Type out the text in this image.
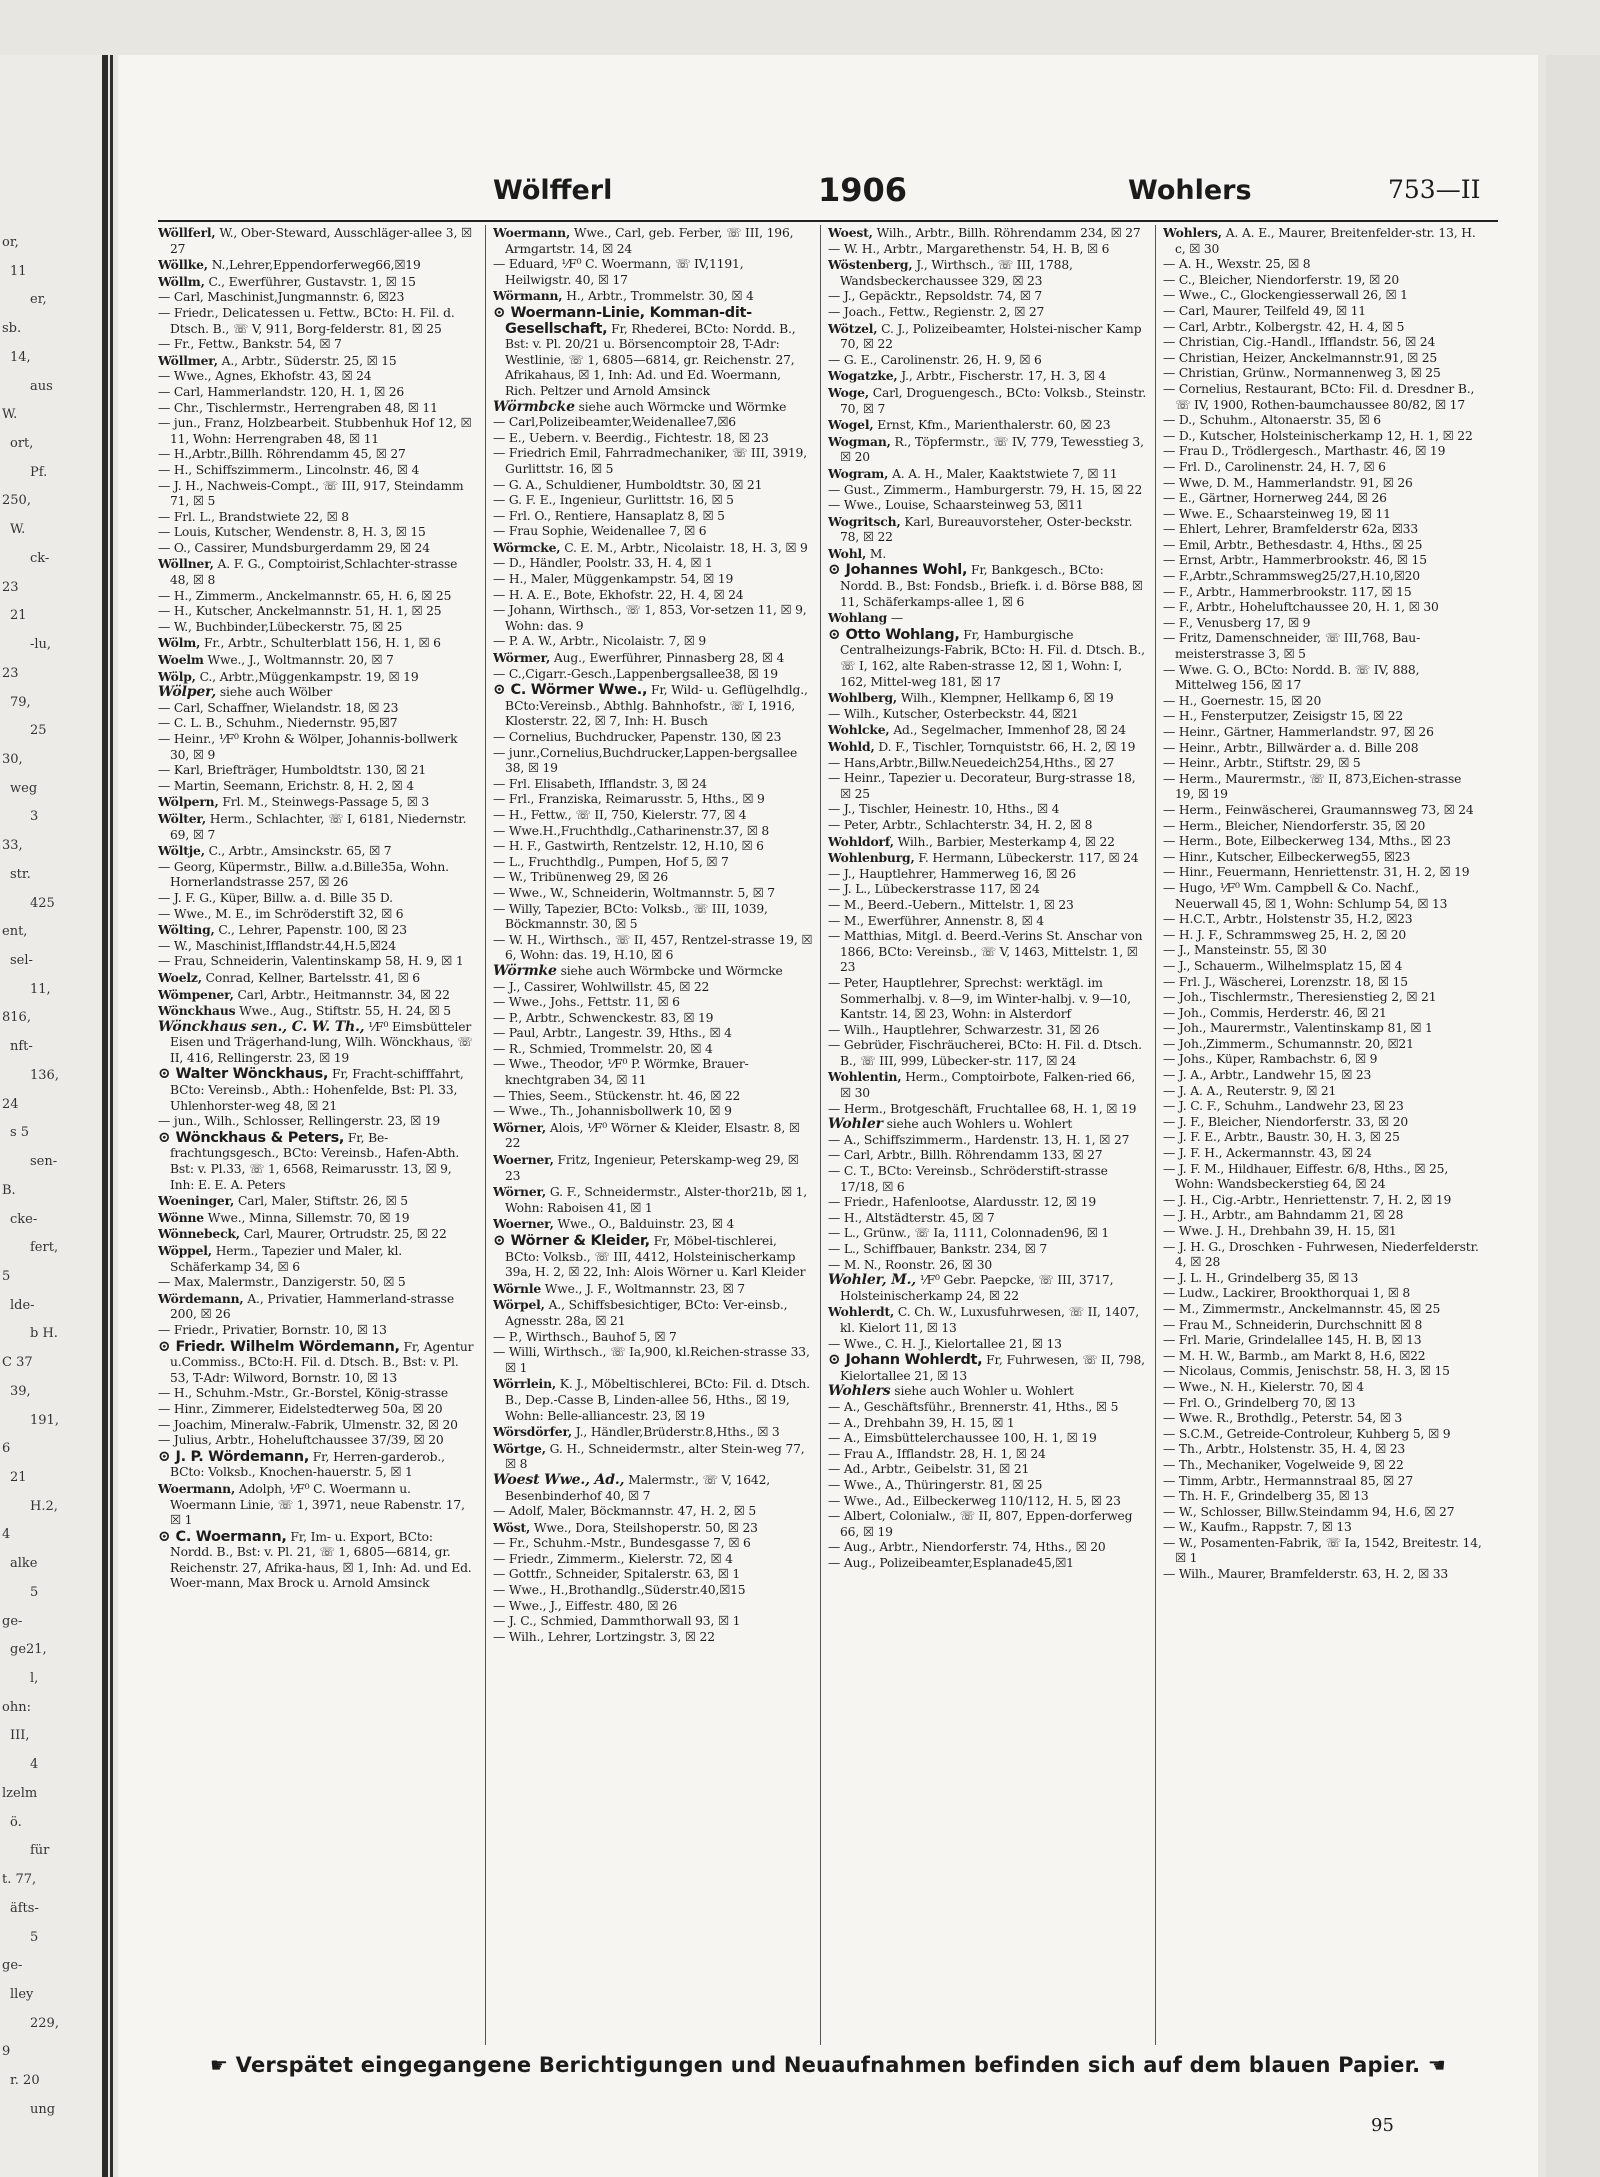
or,
11
er,
sb.
14,
aus
W.
ort,
Pf.
250,
W.
ck-
23
21
-lu,
23
79,
25
30,
weg
3
33,
str.
425
ent,
sel-
11,
816,
nft-
136,
24
s 5
sen-
B.
cke-
fert,
5
lde-
b H.
C 37
39,
191,
6
21
H.2,
4
alke
5
ge-
ge21,
l,
ohn:
III,
4
lzelm
ö.
für
t. 77,
äfts-
5
ge-
lley
229,
9
r. 20
ung
Wölfferl	1906	Wohlers	753—II

Wöllferl, W., Ober-Steward, Ausschläger-allee 3, ☒ 27

Wöllke, N.,Lehrer,Eppendorferweg66,☒19

Wöllm, C., Ewerführer, Gustavstr. 1, ☒ 15

— Carl, Maschinist,Jungmannstr. 6, ☒23

— Friedr., Delicatessen u. Fettw., BCto: H. Fil. d. Dtsch. B., ☏ V, 911, Borg-felderstr. 81, ☒ 25

— Fr., Fettw., Bankstr. 54, ☒ 7

Wöllmer, A., Arbtr., Süderstr. 25, ☒ 15

— Wwe., Agnes, Ekhofstr. 43, ☒ 24

— Carl, Hammerlandstr. 120, H. 1, ☒ 26

— Chr., Tischlermstr., Herrengraben 48, ☒ 11

— jun., Franz, Holzbearbeit. Stubbenhuk Hof 12, ☒ 11, Wohn: Herrengraben 48, ☒ 11

— H.,Arbtr.,Billh. Röhrendamm 45, ☒ 27

— H., Schiffszimmerm., Lincolnstr. 46, ☒ 4

— J. H., Nachweis-Compt., ☏ III, 917, Steindamm 71, ☒ 5

— Frl. L., Brandstwiete 22, ☒ 8

— Louis, Kutscher, Wendenstr. 8, H. 3, ☒ 15

— O., Cassirer, Mundsburgerdamm 29, ☒ 24

Wöllner, A. F. G., Comptoirist,Schlachter-strasse 48, ☒ 8

— H., Zimmerm., Anckelmannstr. 65, H. 6, ☒ 25

— H., Kutscher, Anckelmannstr. 51, H. 1, ☒ 25

— W., Buchbinder,Lübeckerstr. 75, ☒ 25

Wölm, Fr., Arbtr., Schulterblatt 156, H. 1, ☒ 6

Woelm Wwe., J., Woltmannstr. 20, ☒ 7

Wölp, C., Arbtr.,Müggenkampstr. 19, ☒ 19

Wölper, siehe auch Wölber

— Carl, Schaffner, Wielandstr. 18, ☒ 23

— C. L. B., Schuhm., Niedernstr. 95,☒7

— Heinr., ⅟F⁰ Krohn & Wölper, Johannis-bollwerk 30, ☒ 9

— Karl, Briefträger, Humboldtstr. 130, ☒ 21

— Martin, Seemann, Erichstr. 8, H. 2, ☒ 4

Wölpern, Frl. M., Steinwegs-Passage 5, ☒ 3

Wölter, Herm., Schlachter, ☏ I, 6181, Niedernstr. 69, ☒ 7

Wöltje, C., Arbtr., Amsinckstr. 65, ☒ 7

— Georg, Küpermstr., Billw. a.d.Bille35a, Wohn. Hornerlandstrasse 257, ☒ 26

— J. F. G., Küper, Billw. a. d. Bille 35 D.

— Wwe., M. E., im Schröderstift 32, ☒ 6

Wölting, C., Lehrer, Papenstr. 100, ☒ 23

— W., Maschinist,Ifflandstr.44,H.5,☒24

— Frau, Schneiderin, Valentinskamp 58, H. 9, ☒ 1

Woelz, Conrad, Kellner, Bartelsstr. 41, ☒ 6

Wömpener, Carl, Arbtr., Heitmannstr. 34, ☒ 22

Wönckhaus Wwe., Aug., Stiftstr. 55, H. 24, ☒ 5

Wönckhaus sen., C. W. Th., ⅟F⁰ Eimsbütteler Eisen und Trägerhand-lung, Wilh. Wönckhaus, ☏ II, 416, Rellingerstr. 23, ☒ 19

⊙ Walter Wönckhaus, Fr, Fracht-schifffahrt, BCto: Vereinsb., Abth.: Hohenfelde, Bst: Pl. 33, Uhlenhorster-weg 48, ☒ 21

— jun., Wilh., Schlosser, Rellingerstr. 23, ☒ 19

⊙ Wönckhaus & Peters, Fr, Be-frachtungsgesch., BCto: Vereinsb., Hafen-Abth. Bst: v. Pl.33, ☏ 1, 6568, Reimarusstr. 13, ☒ 9, Inh: E. E. A. Peters

Woeninger, Carl, Maler, Stiftstr. 26, ☒ 5

Wönne Wwe., Minna, Sillemstr. 70, ☒ 19

Wönnebeck, Carl, Maurer, Ortrudstr. 25, ☒ 22

Wöppel, Herm., Tapezier und Maler, kl. Schäferkamp 34, ☒ 6

— Max, Malermstr., Danzigerstr. 50, ☒ 5

Wördemann, A., Privatier, Hammerland-strasse 200, ☒ 26

— Friedr., Privatier, Bornstr. 10, ☒ 13

⊙ Friedr. Wilhelm Wördemann, Fr, Agentur u.Commiss., BCto:H. Fil. d. Dtsch. B., Bst: v. Pl. 53, T-Adr: Wilword, Bornstr. 10, ☒ 13

— H., Schuhm.-Mstr., Gr.-Borstel, König-strasse

— Hinr., Zimmerer, Eidelstedterweg 50a, ☒ 20

— Joachim, Mineralw.-Fabrik, Ulmenstr. 32, ☒ 20

— Julius, Arbtr., Hoheluftchaussee 37/39, ☒ 20

⊙ J. P. Wördemann, Fr, Herren-garderob., BCto: Volksb., Knochen-hauerstr. 5, ☒ 1

Woermann, Adolph, ⅟F⁰ C. Woermann u. Woermann Linie, ☏ 1, 3971, neue Rabenstr. 17, ☒ 1

⊙ C. Woermann, Fr, Im- u. Export, BCto: Nordd. B., Bst: v. Pl. 21, ☏ 1, 6805—6814, gr. Reichenstr. 27, Afrika-haus, ☒ 1, Inh: Ad. und Ed. Woer-mann, Max Brock u. Arnold Amsinck

Woermann, Wwe., Carl, geb. Ferber, ☏ III, 196, Armgartstr. 14, ☒ 24

— Eduard, ⅟F⁰ C. Woermann, ☏ IV,1191, Heilwigstr. 40, ☒ 17

Wörmann, H., Arbtr., Trommelstr. 30, ☒ 4

⊙ Woermann-Linie, Komman-dit-Gesellschaft, Fr, Rhederei, BCto: Nordd. B., Bst: v. Pl. 20/21 u. Börsencomptoir 28, T-Adr: Westlinie, ☏ 1, 6805—6814, gr. Reichenstr. 27, Afrikahaus, ☒ 1, Inh: Ad. und Ed. Woermann, Rich. Peltzer und Arnold Amsinck

Wörmbcke siehe auch Wörmcke und Wörmke

— Carl,Polizeibeamter,Weidenallee7,☒6

— E., Uebern. v. Beerdig., Fichtestr. 18, ☒ 23

— Friedrich Emil, Fahrradmechaniker, ☏ III, 3919, Gurlittstr. 16, ☒ 5

— G. A., Schuldiener, Humboldtstr. 30, ☒ 21

— G. F. E., Ingenieur, Gurlittstr. 16, ☒ 5

— Frl. O., Rentiere, Hansaplatz 8, ☒ 5

— Frau Sophie, Weidenallee 7, ☒ 6

Wörmcke, C. E. M., Arbtr., Nicolaistr. 18, H. 3, ☒ 9

— D., Händler, Poolstr. 33, H. 4, ☒ 1

— H., Maler, Müggenkampstr. 54, ☒ 19

— H. A. E., Bote, Ekhofstr. 22, H. 4, ☒ 24

— Johann, Wirthsch., ☏ 1, 853, Vor-setzen 11, ☒ 9, Wohn: das. 9

— P. A. W., Arbtr., Nicolaistr. 7, ☒ 9

Wörmer, Aug., Ewerführer, Pinnasberg 28, ☒ 4

— C.,Cigarr.-Gesch.,Lappenbergsallee38, ☒ 19

⊙ C. Wörmer Wwe., Fr, Wild- u. Geflügelhdlg., BCto:Vereinsb., Abthlg. Bahnhofstr., ☏ I, 1916, Klosterstr. 22, ☒ 7, Inh: H. Busch

— Cornelius, Buchdrucker, Papenstr. 130, ☒ 23

— junr.,Cornelius,Buchdrucker,Lappen-bergsallee 38, ☒ 19

— Frl. Elisabeth, Ifflandstr. 3, ☒ 24

— Frl., Franziska, Reimarusstr. 5, Hths., ☒ 9

— H., Fettw., ☏ II, 750, Kielerstr. 77, ☒ 4

— Wwe.H.,Fruchthdlg.,Catharinenstr.37, ☒ 8

— H. F., Gastwirth, Rentzelstr. 12, H.10, ☒ 6

— L., Fruchthdlg., Pumpen, Hof 5, ☒ 7

— W., Tribünenweg 29, ☒ 26

— Wwe., W., Schneiderin, Woltmannstr. 5, ☒ 7

— Willy, Tapezier, BCto: Volksb., ☏ III, 1039, Böckmannstr. 30, ☒ 5

— W. H., Wirthsch., ☏ II, 457, Rentzel-strasse 19, ☒ 6, Wohn: das. 19, H.10, ☒ 6

Wörmke siehe auch Wörmbcke und Wörmcke

— J., Cassirer, Wohlwillstr. 45, ☒ 22

— Wwe., Johs., Fettstr. 11, ☒ 6

— P., Arbtr., Schwenckestr. 83, ☒ 19

— Paul, Arbtr., Langestr. 39, Hths., ☒ 4

— R., Schmied, Trommelstr. 20, ☒ 4

— Wwe., Theodor, ⅟F⁰ P. Wörmke, Brauer-knechtgraben 34, ☒ 11

— Thies, Seem., Stückenstr. ht. 46, ☒ 22

— Wwe., Th., Johannisbollwerk 10, ☒ 9

Wörner, Alois, ⅟F⁰ Wörner & Kleider, Elsastr. 8, ☒ 22

Woerner, Fritz, Ingenieur, Peterskamp-weg 29, ☒ 23

Wörner, G. F., Schneidermstr., Alster-thor21b, ☒ 1, Wohn: Raboisen 41, ☒ 1

Woerner, Wwe., O., Balduinstr. 23, ☒ 4

⊙ Wörner & Kleider, Fr, Möbel-tischlerei, BCto: Volksb., ☏ III, 4412, Holsteinischerkamp 39a, H. 2, ☒ 22, Inh: Alois Wörner u. Karl Kleider

Wörnle Wwe., J. F., Woltmannstr. 23, ☒ 7

Wörpel, A., Schiffsbesichtiger, BCto: Ver-einsb., Agnesstr. 28a, ☒ 21

— P., Wirthsch., Bauhof 5, ☒ 7

— Willi, Wirthsch., ☏ Ia,900, kl.Reichen-strasse 33, ☒ 1

Wörrlein, K. J., Möbeltischlerei, BCto: Fil. d. Dtsch. B., Dep.-Casse B, Linden-allee 56, Hths., ☒ 19, Wohn: Belle-alliancestr. 23, ☒ 19

Wörsdörfer, J., Händler,Brüderstr.8,Hths., ☒ 3

Wörtge, G. H., Schneidermstr., alter Stein-weg 77, ☒ 8

Woest Wwe., Ad., Malermstr., ☏ V, 1642, Besenbinderhof 40, ☒ 7

— Adolf, Maler, Böckmannstr. 47, H. 2, ☒ 5

Wöst, Wwe., Dora, Steilshoperstr. 50, ☒ 23

— Fr., Schuhm.-Mstr., Bundesgasse 7, ☒ 6

— Friedr., Zimmerm., Kielerstr. 72, ☒ 4

— Gottfr., Schneider, Spitalerstr. 63, ☒ 1

— Wwe., H.,Brothandlg.,Süderstr.40,☒15

— Wwe., J., Eiffestr. 480, ☒ 26

— J. C., Schmied, Dammthorwall 93, ☒ 1

— Wilh., Lehrer, Lortzingstr. 3, ☒ 22

Woest, Wilh., Arbtr., Billh. Röhrendamm 234, ☒ 27

— W. H., Arbtr., Margarethenstr. 54, H. B, ☒ 6

Wöstenberg, J., Wirthsch., ☏ III, 1788, Wandsbeckerchaussee 329, ☒ 23

— J., Gepäcktr., Repsoldstr. 74, ☒ 7

— Joach., Fettw., Regienstr. 2, ☒ 27

Wötzel, C. J., Polizeibeamter, Holstei-nischer Kamp 70, ☒ 22

— G. E., Carolinenstr. 26, H. 9, ☒ 6

Wogatzke, J., Arbtr., Fischerstr. 17, H. 3, ☒ 4

Woge, Carl, Droguengesch., BCto: Volksb., Steinstr. 70, ☒ 7

Wogel, Ernst, Kfm., Marienthalerstr. 60, ☒ 23

Wogman, R., Töpfermstr., ☏ IV, 779, Tewesstieg 3, ☒ 20

Wogram, A. A. H., Maler, Kaaktstwiete 7, ☒ 11

— Gust., Zimmerm., Hamburgerstr. 79, H. 15, ☒ 22

— Wwe., Louise, Schaarsteinweg 53, ☒11

Wogritsch, Karl, Bureauvorsteher, Oster-beckstr. 78, ☒ 22

Wohl, M.

⊙ Johannes Wohl, Fr, Bankgesch., BCto: Nordd. B., Bst: Fondsb., Briefk. i. d. Börse B88, ☒ 11, Schäferkamps-allee 1, ☒ 6

Wohlang —

⊙ Otto Wohlang, Fr, Hamburgische Centralheizungs-Fabrik, BCto: H. Fil. d. Dtsch. B., ☏ I, 162, alte Raben-strasse 12, ☒ 1, Wohn: I, 162, Mittel-weg 181, ☒ 17

Wohlberg, Wilh., Klempner, Hellkamp 6, ☒ 19

— Wilh., Kutscher, Osterbeckstr. 44, ☒21

Wohlcke, Ad., Segelmacher, Immenhof 28, ☒ 24

Wohld, D. F., Tischler, Tornquiststr. 66, H. 2, ☒ 19

— Hans,Arbtr.,Billw.Neuedeich254,Hths., ☒ 27

— Heinr., Tapezier u. Decorateur, Burg-strasse 18, ☒ 25

— J., Tischler, Heinestr. 10, Hths., ☒ 4

— Peter, Arbtr., Schlachterstr. 34, H. 2, ☒ 8

Wohldorf, Wilh., Barbier, Mesterkamp 4, ☒ 22

Wohlenburg, F. Hermann, Lübeckerstr. 117, ☒ 24

— J., Hauptlehrer, Hammerweg 16, ☒ 26

— J. L., Lübeckerstrasse 117, ☒ 24

— M., Beerd.-Uebern., Mittelstr. 1, ☒ 23

— M., Ewerführer, Annenstr. 8, ☒ 4

— Matthias, Mitgl. d. Beerd.-Verins St. Anschar von 1866, BCto: Vereinsb., ☏ V, 1463, Mittelstr. 1, ☒ 23

— Peter, Hauptlehrer, Sprechst: werktägl. im Sommerhalbj. v. 8—9, im Winter-halbj. v. 9—10, Kantstr. 14, ☒ 23, Wohn: in Alsterdorf

— Wilh., Hauptlehrer, Schwarzestr. 31, ☒ 26

— Gebrüder, Fischräucherei, BCto: H. Fil. d. Dtsch. B., ☏ III, 999, Lübecker-str. 117, ☒ 24

Wohlentin, Herm., Comptoirbote, Falken-ried 66, ☒ 30

— Herm., Brotgeschäft, Fruchtallee 68, H. 1, ☒ 19

Wohler siehe auch Wohlers u. Wohlert

— A., Schiffszimmerm., Hardenstr. 13, H. 1, ☒ 27

— Carl, Arbtr., Billh. Röhrendamm 133, ☒ 27

— C. T., BCto: Vereinsb., Schröderstift-strasse 17/18, ☒ 6

— Friedr., Hafenlootse, Alardusstr. 12, ☒ 19

— H., Altstädterstr. 45, ☒ 7

— L., Grünw., ☏ Ia, 1111, Colonnaden96, ☒ 1

— L., Schiffbauer, Bankstr. 234, ☒ 7

— M. N., Roonstr. 26, ☒ 30

Wohler, M., ⅟F⁰ Gebr. Paepcke, ☏ III, 3717, Holsteinischerkamp 24, ☒ 22

Wohlerdt, C. Ch. W., Luxusfuhrwesen, ☏ II, 1407, kl. Kielort 11, ☒ 13

— Wwe., C. H. J., Kielortallee 21, ☒ 13

⊙ Johann Wohlerdt, Fr, Fuhrwesen, ☏ II, 798, Kielortallee 21, ☒ 13

Wohlers siehe auch Wohler u. Wohlert

— A., Geschäftsführ., Brennerstr. 41, Hths., ☒ 5

— A., Drehbahn 39, H. 15, ☒ 1

— A., Eimsbüttelerchaussee 100, H. 1, ☒ 19

— Frau A., Ifflandstr. 28, H. 1, ☒ 24

— Ad., Arbtr., Geibelstr. 31, ☒ 21

— Wwe., A., Thüringerstr. 81, ☒ 25

— Wwe., Ad., Eilbeckerweg 110/112, H. 5, ☒ 23

— Albert, Colonialw., ☏ II, 807, Eppen-dorferweg 66, ☒ 19

— Aug., Arbtr., Niendorferstr. 74, Hths., ☒ 20

— Aug., Polizeibeamter,Esplanade45,☒1

Wohlers, A. A. E., Maurer, Breitenfelder-str. 13, H. c, ☒ 30

— A. H., Wexstr. 25, ☒ 8

— C., Bleicher, Niendorferstr. 19, ☒ 20

— Wwe., C., Glockengiesserwall 26, ☒ 1

— Carl, Maurer, Teilfeld 49, ☒ 11

— Carl, Arbtr., Kolbergstr. 42, H. 4, ☒ 5

— Christian, Cig.-Handl., Ifflandstr. 56, ☒ 24

— Christian, Heizer, Anckelmannstr.91, ☒ 25

— Christian, Grünw., Normannenweg 3, ☒ 25

— Cornelius, Restaurant, BCto: Fil. d. Dresdner B., ☏ IV, 1900, Rothen-baumchaussee 80/82, ☒ 17

— D., Schuhm., Altonaerstr. 35, ☒ 6

— D., Kutscher, Holsteinischerkamp 12, H. 1, ☒ 22

— Frau D., Trödlergesch., Marthastr. 46, ☒ 19

— Frl. D., Carolinenstr. 24, H. 7, ☒ 6

— Wwe, D. M., Hammerlandstr. 91, ☒ 26

— E., Gärtner, Hornerweg 244, ☒ 26

— Wwe. E., Schaarsteinweg 19, ☒ 11

— Ehlert, Lehrer, Bramfelderstr 62a, ☒33

— Emil, Arbtr., Bethesdastr. 4, Hths., ☒ 25

— Ernst, Arbtr., Hammerbrookstr. 46, ☒ 15

— F.,Arbtr.,Schrammsweg25/27,H.10,☒20

— F., Arbtr., Hammerbrookstr. 117, ☒ 15

— F., Arbtr., Hoheluftchaussee 20, H. 1, ☒ 30

— F., Venusberg 17, ☒ 9

— Fritz, Damenschneider, ☏ III,768, Bau-meisterstrasse 3, ☒ 5

— Wwe. G. O., BCto: Nordd. B. ☏ IV, 888, Mittelweg 156, ☒ 17

— H., Goernestr. 15, ☒ 20

— H., Fensterputzer, Zeisigstr 15, ☒ 22

— Heinr., Gärtner, Hammerlandstr. 97, ☒ 26

— Heinr., Arbtr., Billwärder a. d. Bille 208

— Heinr., Arbtr., Stiftstr. 29, ☒ 5

— Herm., Maurermstr., ☏ II, 873,Eichen-strasse 19, ☒ 19

— Herm., Feinwäscherei, Graumannsweg 73, ☒ 24

— Herm., Bleicher, Niendorferstr. 35, ☒ 20

— Herm., Bote, Eilbeckerweg 134, Mths., ☒ 23

— Hinr., Kutscher, Eilbeckerweg55, ☒23

— Hinr., Feuermann, Henriettenstr. 31, H. 2, ☒ 19

— Hugo, ⅟F⁰ Wm. Campbell & Co. Nachf., Neuerwall 45, ☒ 1, Wohn: Schlump 54, ☒ 13

— H.C.T., Arbtr., Holstenstr 35, H.2, ☒23

— H. J. F., Schrammsweg 25, H. 2, ☒ 20

— J., Mansteinstr. 55, ☒ 30

— J., Schauerm., Wilhelmsplatz 15, ☒ 4

— Frl. J., Wäscherei, Lorenzstr. 18, ☒ 15

— Joh., Tischlermstr., Theresienstieg 2, ☒ 21

— Joh., Commis, Herderstr. 46, ☒ 21

— Joh., Maurermstr., Valentinskamp 81, ☒ 1

— Joh.,Zimmerm., Schumannstr. 20, ☒21

— Johs., Küper, Rambachstr. 6, ☒ 9

— J. A., Arbtr., Landwehr 15, ☒ 23

— J. A. A., Reuterstr. 9, ☒ 21

— J. C. F., Schuhm., Landwehr 23, ☒ 23

— J. F., Bleicher, Niendorferstr. 33, ☒ 20

— J. F. E., Arbtr., Baustr. 30, H. 3, ☒ 25

— J. F. H., Ackermannstr. 43, ☒ 24

— J. F. M., Hildhauer, Eiffestr. 6/8, Hths., ☒ 25, Wohn: Wandsbeckerstieg 64, ☒ 24

— J. H., Cig.-Arbtr., Henriettenstr. 7, H. 2, ☒ 19

— J. H., Arbtr., am Bahndamm 21, ☒ 28

— Wwe. J. H., Drehbahn 39, H. 15, ☒1

— J. H. G., Droschken - Fuhrwesen, Niederfelderstr. 4, ☒ 28

— J. L. H., Grindelberg 35, ☒ 13

— Ludw., Lackirer, Brookthorquai 1, ☒ 8

— M., Zimmermstr., Anckelmannstr. 45, ☒ 25

— Frau M., Schneiderin, Durchschnitt ☒ 8

— Frl. Marie, Grindelallee 145, H. B, ☒ 13

— M. H. W., Barmb., am Markt 8, H.6, ☒22

— Nicolaus, Commis, Jenischstr. 58, H. 3, ☒ 15

— Wwe., N. H., Kielerstr. 70, ☒ 4

— Frl. O., Grindelberg 70, ☒ 13

— Wwe. R., Brothdlg., Peterstr. 54, ☒ 3

— S.C.M., Getreide-Controleur, Kuhberg 5, ☒ 9

— Th., Arbtr., Holstenstr. 35, H. 4, ☒ 23

— Th., Mechaniker, Vogelweide 9, ☒ 22

— Timm, Arbtr., Hermannstraal 85, ☒ 27

— Th. H. F., Grindelberg 35, ☒ 13

— W., Schlosser, Billw.Steindamm 94, H.6, ☒ 27

— W., Kaufm., Rappstr. 7, ☒ 13

— W., Posamenten-Fabrik, ☏ Ia, 1542, Breitestr. 14, ☒ 1

— Wilh., Maurer, Bramfelderstr. 63, H. 2, ☒ 33

☛ Verspätet eingegangene Berichtigungen und Neuaufnahmen befinden sich auf dem blauen Papier. ☚
95
